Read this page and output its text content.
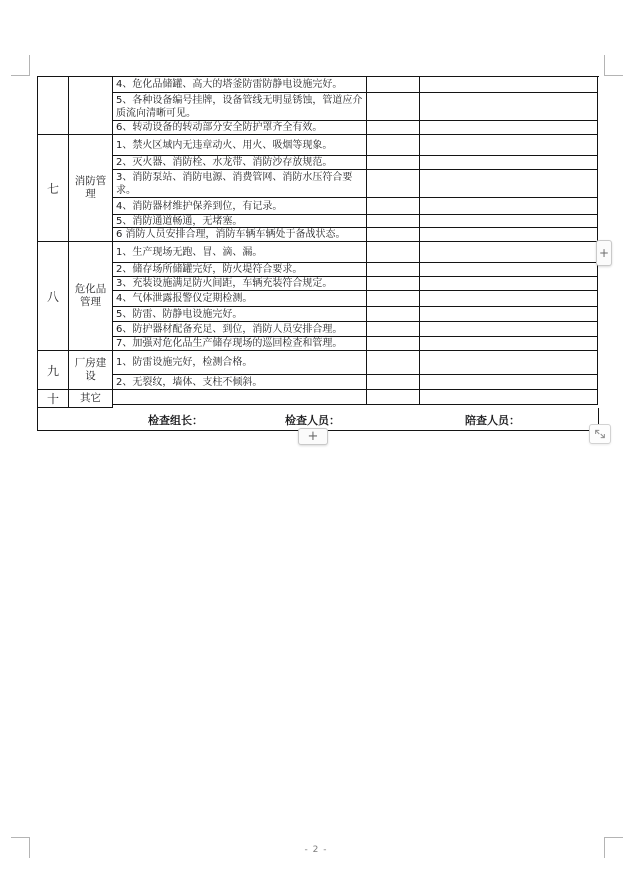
4、危化品储罐、高大的塔釜防雷防静电设施完好。
5、各种设备编号挂牌，设备管线无明显锈蚀，管道应介质流向清晰可见。
6、转动设备的转动部分安全防护罩齐全有效。
七
消防管理
1、禁火区域内无违章动火、用火、吸烟等现象。
2、灭火器、消防栓、水龙带、消防沙存放规范。
3、消防泵站、消防电源、消费管网、消防水压符合要求。
4、消防器材维护保养到位，有记录。
5、消防通道畅通，无堵塞。
6 消防人员安排合理，消防车辆车辆处于备战状态。
八
危化品管理
1、生产现场无跑、冒、滴、漏。
2、储存场所储罐完好，防火堤符合要求。
3、充装设施满足防火间距，车辆充装符合规定。
4、气体泄露报警仪定期检测。
5、防雷、防静电设施完好。
6、防护器材配备充足、到位，消防人员安排合理。
7、加强对危化品生产储存现场的巡回检查和管理。
九
厂房建设
1、防雷设施完好，检测合格。
2、无裂纹，墙体、支柱不倾斜。
十 其它
检查组长：	检查人员：	陪查人员：
+
+
- 2 -
